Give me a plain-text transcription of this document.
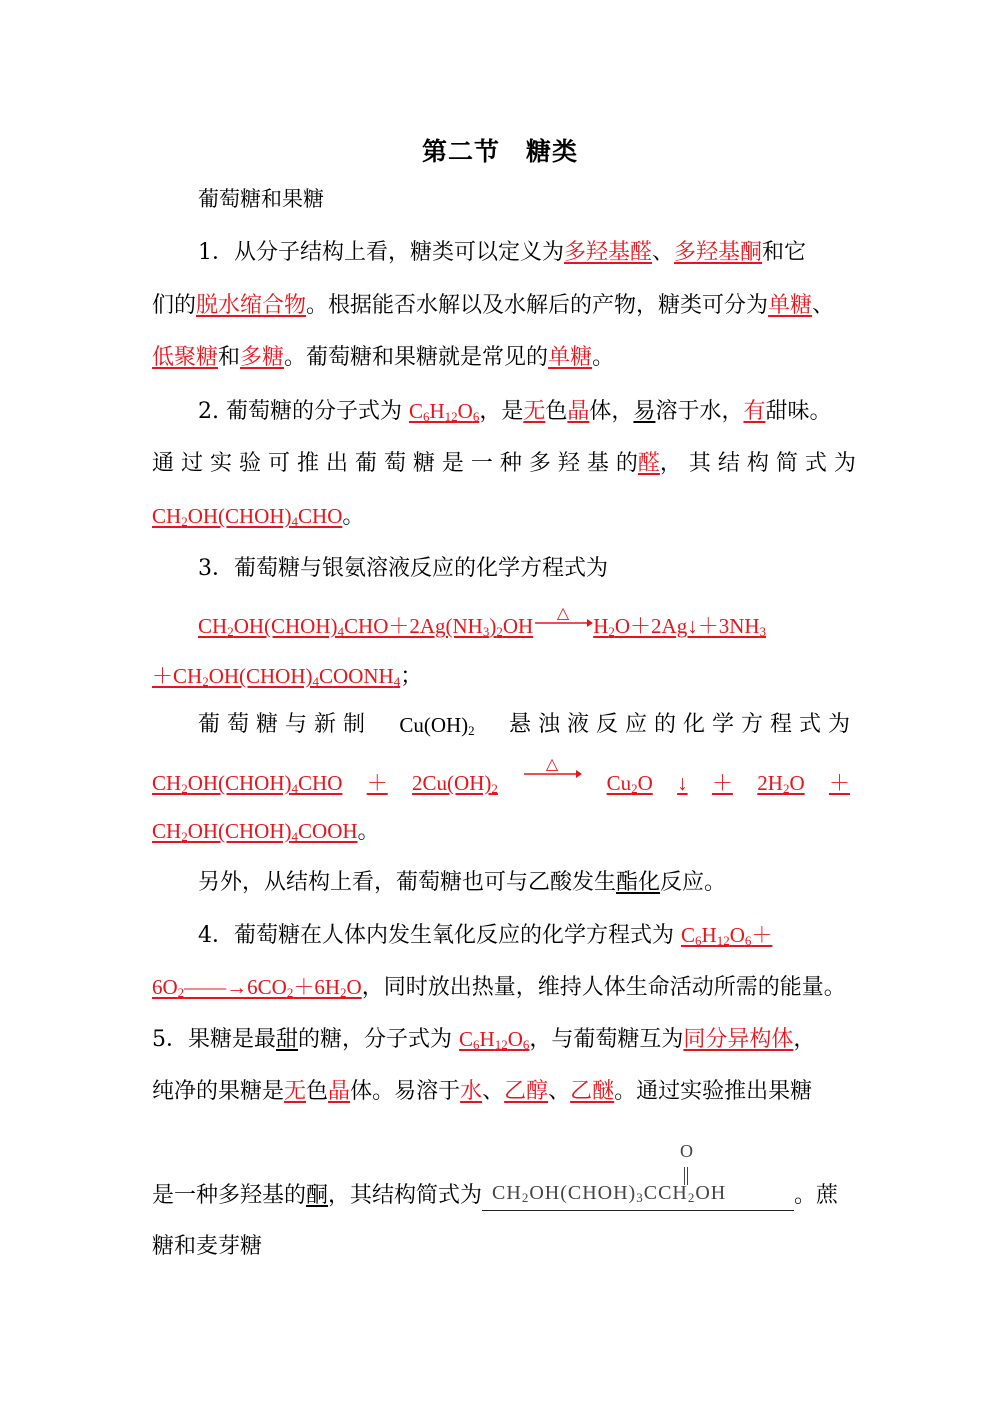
第二节　糖类
葡萄糖和果糖
1．从分子结构上看，糖类可以定义为多羟基醛、多羟基酮和它
们的脱水缩合物。根据能否水解以及水解后的产物，糖类可分为单糖、
低聚糖和多糖。葡萄糖和果糖就是常见的单糖。
2. 葡萄糖的分子式为 $C_6H_{12}O_6$，是无色晶体，易溶于水，有甜味。
通 过 实 验 可 推 出 葡 萄 糖 是 一 种 多 羟 基 的醛， 其 结 构 简 式 为
$CH_2OH(CHOH)_4CHO$。
3．葡萄糖与银氨溶液反应的化学方程式为
$CH_2OH(CHOH)_4CHO+2Ag(NH_3)_2OH$
△
$H_2O+2Ag↓+3NH_3$
$+CH_2OH(CHOH)_4COONH_4$；
葡 萄 糖 与 新 制 $Cu(OH)_2$ 悬 浊 液 反 应 的 化 学 方 程 式 为
$CH_2OH(CHOH)_4CHO + 2Cu(OH)_2$
△
$Cu_2O$ ↓ ＋ $2H_2O$ ＋
$CH_2OH(CHOH)_4COOH$。
另外，从结构上看，葡萄糖也可与乙酸发生酯化反应。
4．葡萄糖在人体内发生氧化反应的化学方程式为 $C_6H_{12}O_6+$
$6O_2――\to 6CO_2+6H_2O$，同时放出热量，维持人体生命活动所需的能量。
5．果糖是最甜的糖，分子式为 $C_6H_{12}O_6$，与葡萄糖互为同分异构体，
纯净的果糖是无色晶体。易溶于水、乙醇、乙醚。通过实验推出果糖
是一种多羟基的酮，其结构简式为
O
$CH_2OH(CHOH)_3CCH_2OH$	。蔗
糖和麦芽糖
